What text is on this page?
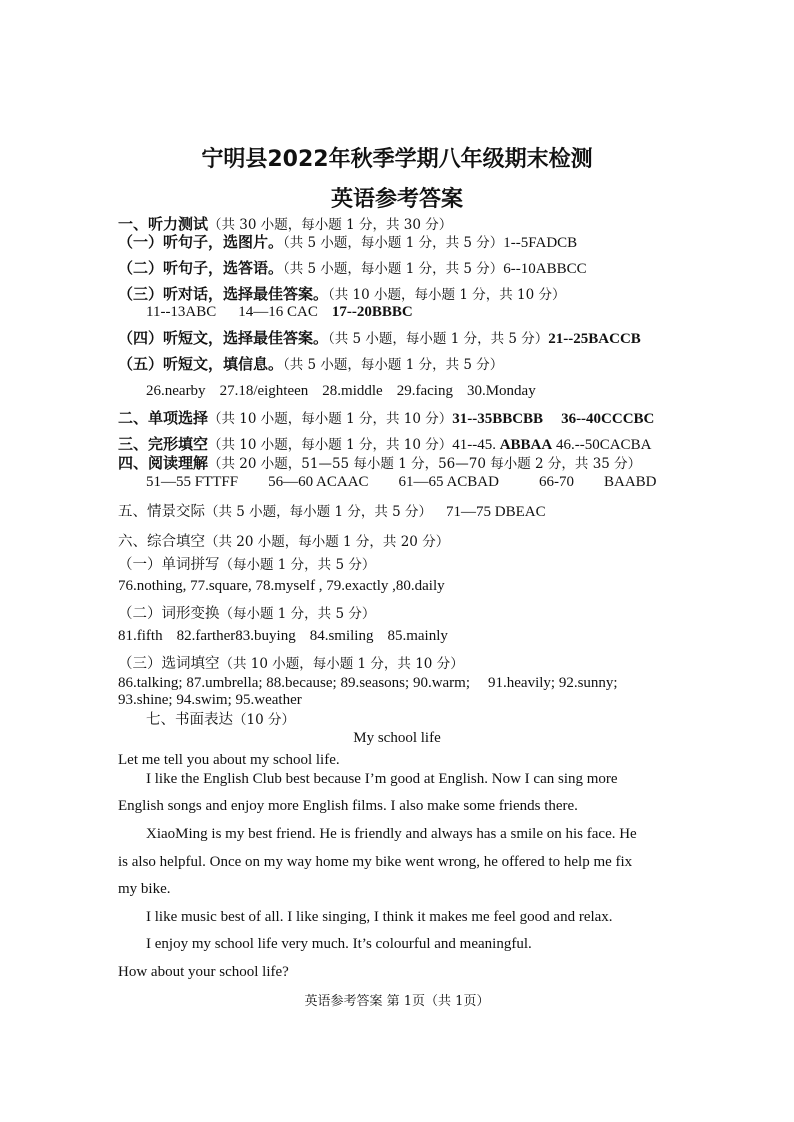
宁明县2022年秋季学期八年级期末检测
英语参考答案
一、听力测试（共 30 小题，每小题 1 分，共 30 分）
（一）听句子，选图片。（共 5 小题，每小题 1 分，共 5 分）1--5FADCB
（二）听句子，选答语。（共 5 小题，每小题 1 分，共 5 分）6--10ABBCC
（三）听对话，选择最佳答案。（共 10 小题，每小题 1 分，共 10 分）
11--13ABC 14—16 CAC 17--20BBBC
（四）听短文，选择最佳答案。（共 5 小题，每小题 1 分，共 5 分）21--25BACCB
（五）听短文，填信息。（共 5 小题，每小题 1 分，共 5 分）
26.nearby 27.18/eighteen 28.middle 29.facing 30.Monday
二、单项选择（共 10 小题，每小题 1 分，共 10 分）31--35BBCBB 36--40CCCBC
三、完形填空（共 10 小题，每小题 1 分，共 10 分）41--45. ABBAA 46.--50CACBA
四、阅读理解（共 20 小题，51—55 每小题 1 分，56—70 每小题 2 分，共 35 分）
51—55 FTTFF 56—60 ACAAC 61—65 ACBAD	66-70 BAABD
五、情景交际（共 5 小题，每小题 1 分，共 5 分） 71—75 DBEAC
六、综合填空（共 20 小题，每小题 1 分，共 20 分）
（一）单词拼写（每小题 1 分，共 5 分）
76.nothing, 77.square, 78.myself , 79.exactly ,80.daily
（二）词形变换（每小题 1 分，共 5 分）
81.fifth 82.farther83.buying 84.smiling 85.mainly
（三）选词填空（共 10 小题，每小题 1 分，共 10 分）
86.talking; 87.umbrella; 88.because; 89.seasons; 90.warm; 91.heavily; 92.sunny;
93.shine; 94.swim; 95.weather
七、书面表达（10 分）
My school life
Let me tell you about my school life.
I like the English Club best because I’m good at English. Now I can sing more
English songs and enjoy more English films. I also make some friends there.
XiaoMing is my best friend. He is friendly and always has a smile on his face. He
is also helpful. Once on my way home my bike went wrong, he offered to help me fix
my bike.
I like music best of all. I like singing, I think it makes me feel good and relax.
I enjoy my school life very much. It’s colourful and meaningful.
How about your school life?
英语参考答案 第 1页（共 1页）
